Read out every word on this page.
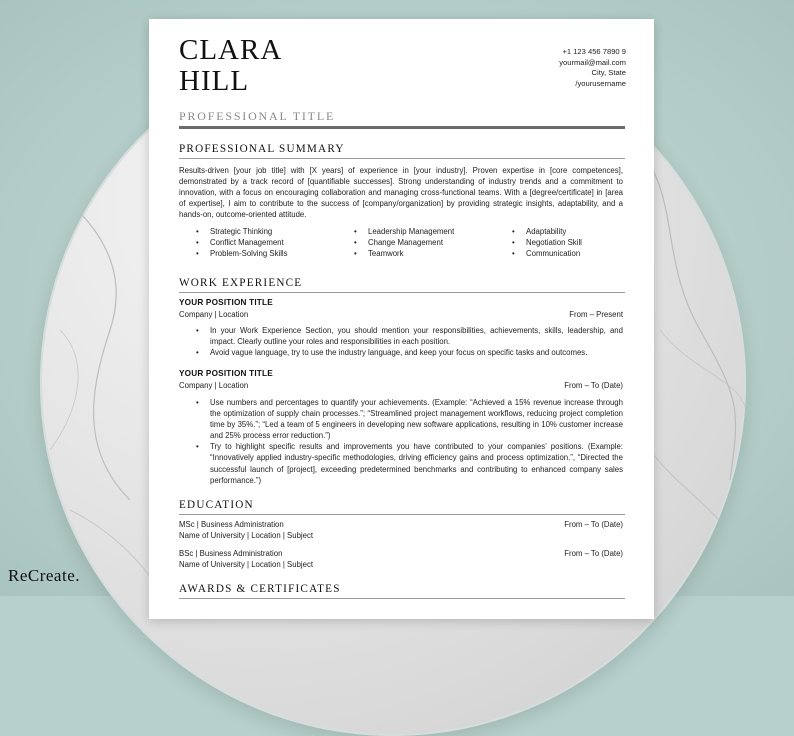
CLARA
HILL
+1 123 456 7890 9
yourmail@mail.com
City, State
/yourusername
PROFESSIONAL TITLE
PROFESSIONAL SUMMARY

Results-driven [your job title] with [X years] of experience in [your industry]. Proven expertise in [core competences], demonstrated by a track record of [quantifiable successes]. Strong understanding of industry trends and a commitment to innovation, with a focus on encouraging collaboration and managing cross-functional teams. With a [degree/certificate] in [area of expertise], I aim to contribute to the success of [company/organization] by providing strategic insights, adaptability, and a hands-on, outcome-oriented attitude.

• Strategic Thinking
• Conflict Management
• Problem-Solving Skills
• Leadership Management
• Change Management
• Teamwork
• Adaptability
• Negotiation Skill
• Communication
WORK EXPERIENCE
YOUR POSITION TITLE
Company | Location	From – Present
• In your Work Experience Section, you should mention your responsibilities, achievements, skills, leadership, and impact. Clearly outline your roles and responsibilities in each position.
• Avoid vague language, try to use the industry language, and keep your focus on specific tasks and outcomes.
YOUR POSITION TITLE
Company | Location	From – To (Date)
• Use numbers and percentages to quantify your achievements. (Example: “Achieved a 15% revenue increase through the optimization of supply chain processes.”; “Streamlined project management workflows, reducing project completion time by 35%.”; “Led a team of 5 engineers in developing new software applications, resulting in 10% customer increase and 25% process error reduction.”)
• Try to highlight specific results and improvements you have contributed to your companies’ positions. (Example: “Innovatively applied industry-specific methodologies, driving efficiency gains and process optimization.”, “Directed the successful launch of [project], exceeding predetermined benchmarks and contributing to enhanced company sales performance.”)
EDUCATION
MSc | Business Administration	From – To (Date)
Name of University | Location | Subject
BSc | Business Administration	From – To (Date)
Name of University | Location | Subject
AWARDS & CERTIFICATES

ReCreate.
